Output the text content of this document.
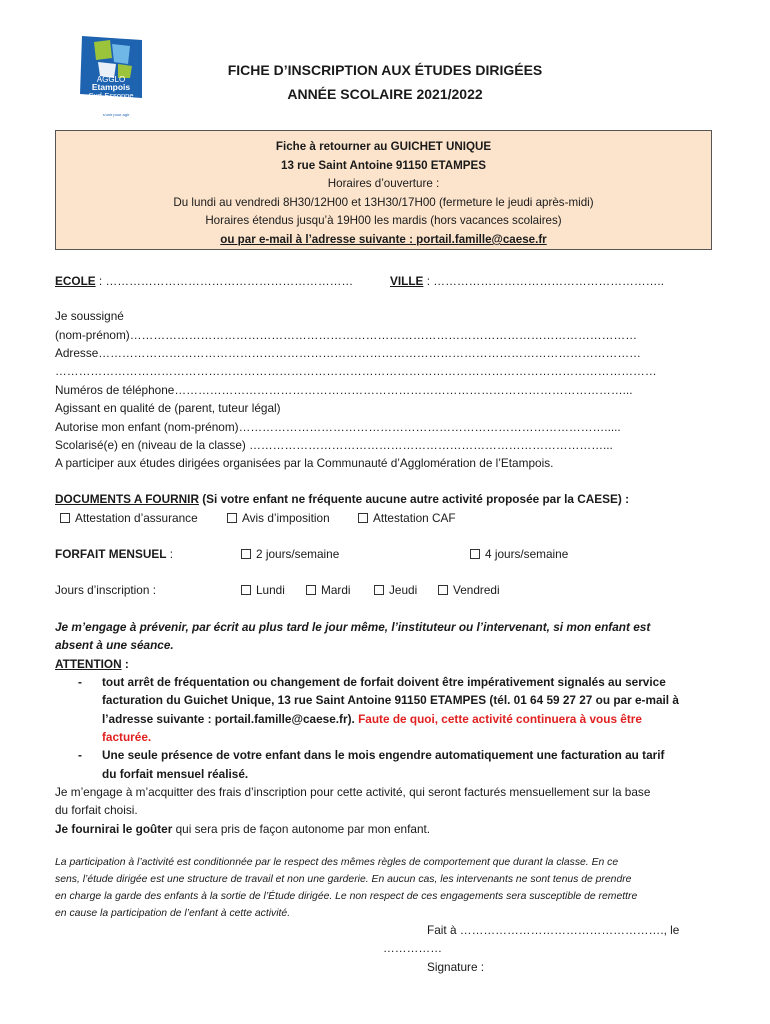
AGGLO
Etampois
Sud-Essonne
s'unir pour agir
FICHE D’INSCRIPTION AUX ÉTUDES DIRIGÉES
ANNÉE SCOLAIRE 2021/2022
Fiche à retourner au GUICHET UNIQUE
13 rue Saint Antoine 91150 ETAMPES
Horaires d’ouverture :
Du lundi au vendredi 8H30/12H00 et 13H30/17H00 (fermeture le jeudi après-midi)
Horaires étendus jusqu’à 19H00 les mardis (hors vacances scolaires)
ou par e-mail à l’adresse suivante : portail.famille@caese.fr
ECOLE : ………………………………………………………	VILLE : …………………………………………………..
Je soussigné
(nom-prénom)…………………………………………………………………………………………………………………
Adresse…………………………………………………………………………………………………………………………
………………………………………………………………………………………………………………………………………
Numéros de téléphone……………………………………………………………………………………………………...
Agissant en qualité de (parent, tuteur légal)
Autorise mon enfant (nom-prénom)………………………………………………………………………………….....
Scolarisé(e) en (niveau de la classe) ………………………………………………………………………………...
A participer aux études dirigées organisées par la Communauté d’Agglomération de l’Etampois.
DOCUMENTS A FOURNIR (Si votre enfant ne fréquente aucune autre activité proposée par la CAESE) :
Attestation d’assurance	Avis d’imposition	Attestation CAF
FORFAIT MENSUEL :	2 jours/semaine	4 jours/semaine
Jours d’inscription :	Lundi	Mardi	Jeudi	Vendredi
Je m’engage à prévenir, par écrit au plus tard le jour même, l’instituteur ou l’intervenant, si mon enfant est
absent à une séance.
ATTENTION :
- tout arrêt de fréquentation ou changement de forfait doivent être impérativement signalés au service
facturation du Guichet Unique, 13 rue Saint Antoine 91150 ETAMPES (tél. 01 64 59 27 27 ou par e-mail à
l’adresse suivante : portail.famille@caese.fr). Faute de quoi, cette activité continuera à vous être
facturée.
- Une seule présence de votre enfant dans le mois engendre automatiquement une facturation au tarif
du forfait mensuel réalisé.
Je m’engage à m’acquitter des frais d’inscription pour cette activité, qui seront facturés mensuellement sur la base
du forfait choisi.
Je fournirai le goûter qui sera pris de façon autonome par mon enfant.
La participation à l’activité est conditionnée par le respect des mêmes règles de comportement que durant la classe. En ce
sens, l’étude dirigée est une structure de travail et non une garderie. En aucun cas, les intervenants ne sont tenus de prendre
en charge la garde des enfants à la sortie de l’Étude dirigée. Le non respect de ces engagements sera susceptible de remettre
en cause la participation de l’enfant à cette activité.
Fait à ……………………………………………., le
……………
Signature :
